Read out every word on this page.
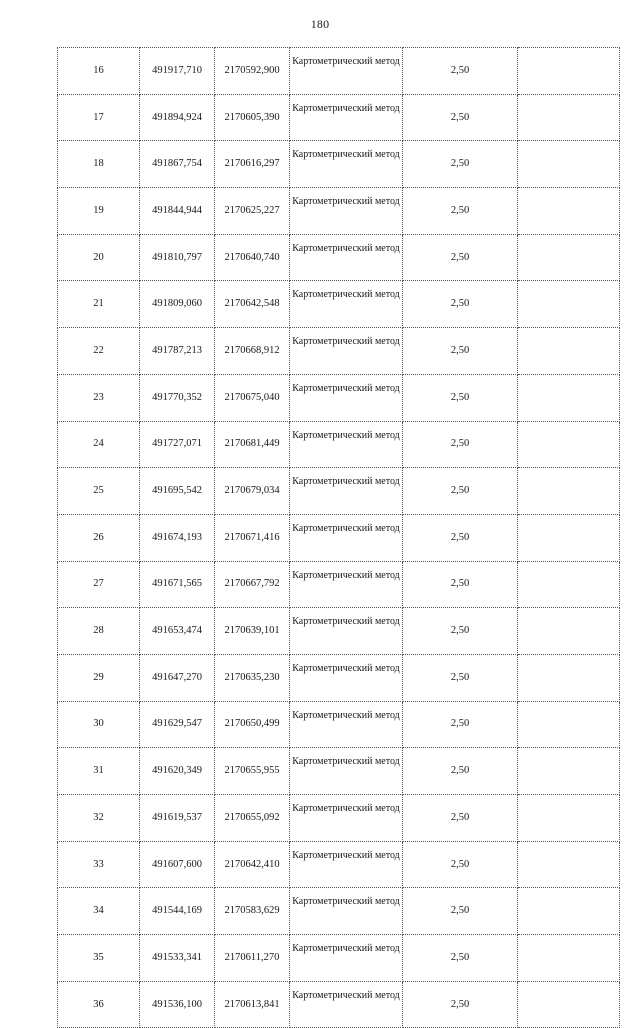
180
16	491917,710	2170592,900	Картометрический метод	2,50	
17	491894,924	2170605,390	Картометрический метод	2,50	
18	491867,754	2170616,297	Картометрический метод	2,50	
19	491844,944	2170625,227	Картометрический метод	2,50	
20	491810,797	2170640,740	Картометрический метод	2,50	
21	491809,060	2170642,548	Картометрический метод	2,50	
22	491787,213	2170668,912	Картометрический метод	2,50	
23	491770,352	2170675,040	Картометрический метод	2,50	
24	491727,071	2170681,449	Картометрический метод	2,50	
25	491695,542	2170679,034	Картометрический метод	2,50	
26	491674,193	2170671,416	Картометрический метод	2,50	
27	491671,565	2170667,792	Картометрический метод	2,50	
28	491653,474	2170639,101	Картометрический метод	2,50	
29	491647,270	2170635,230	Картометрический метод	2,50	
30	491629,547	2170650,499	Картометрический метод	2,50	
31	491620,349	2170655,955	Картометрический метод	2,50	
32	491619,537	2170655,092	Картометрический метод	2,50	
33	491607,600	2170642,410	Картометрический метод	2,50	
34	491544,169	2170583,629	Картометрический метод	2,50	
35	491533,341	2170611,270	Картометрический метод	2,50	
36	491536,100	2170613,841	Картометрический метод	2,50	
